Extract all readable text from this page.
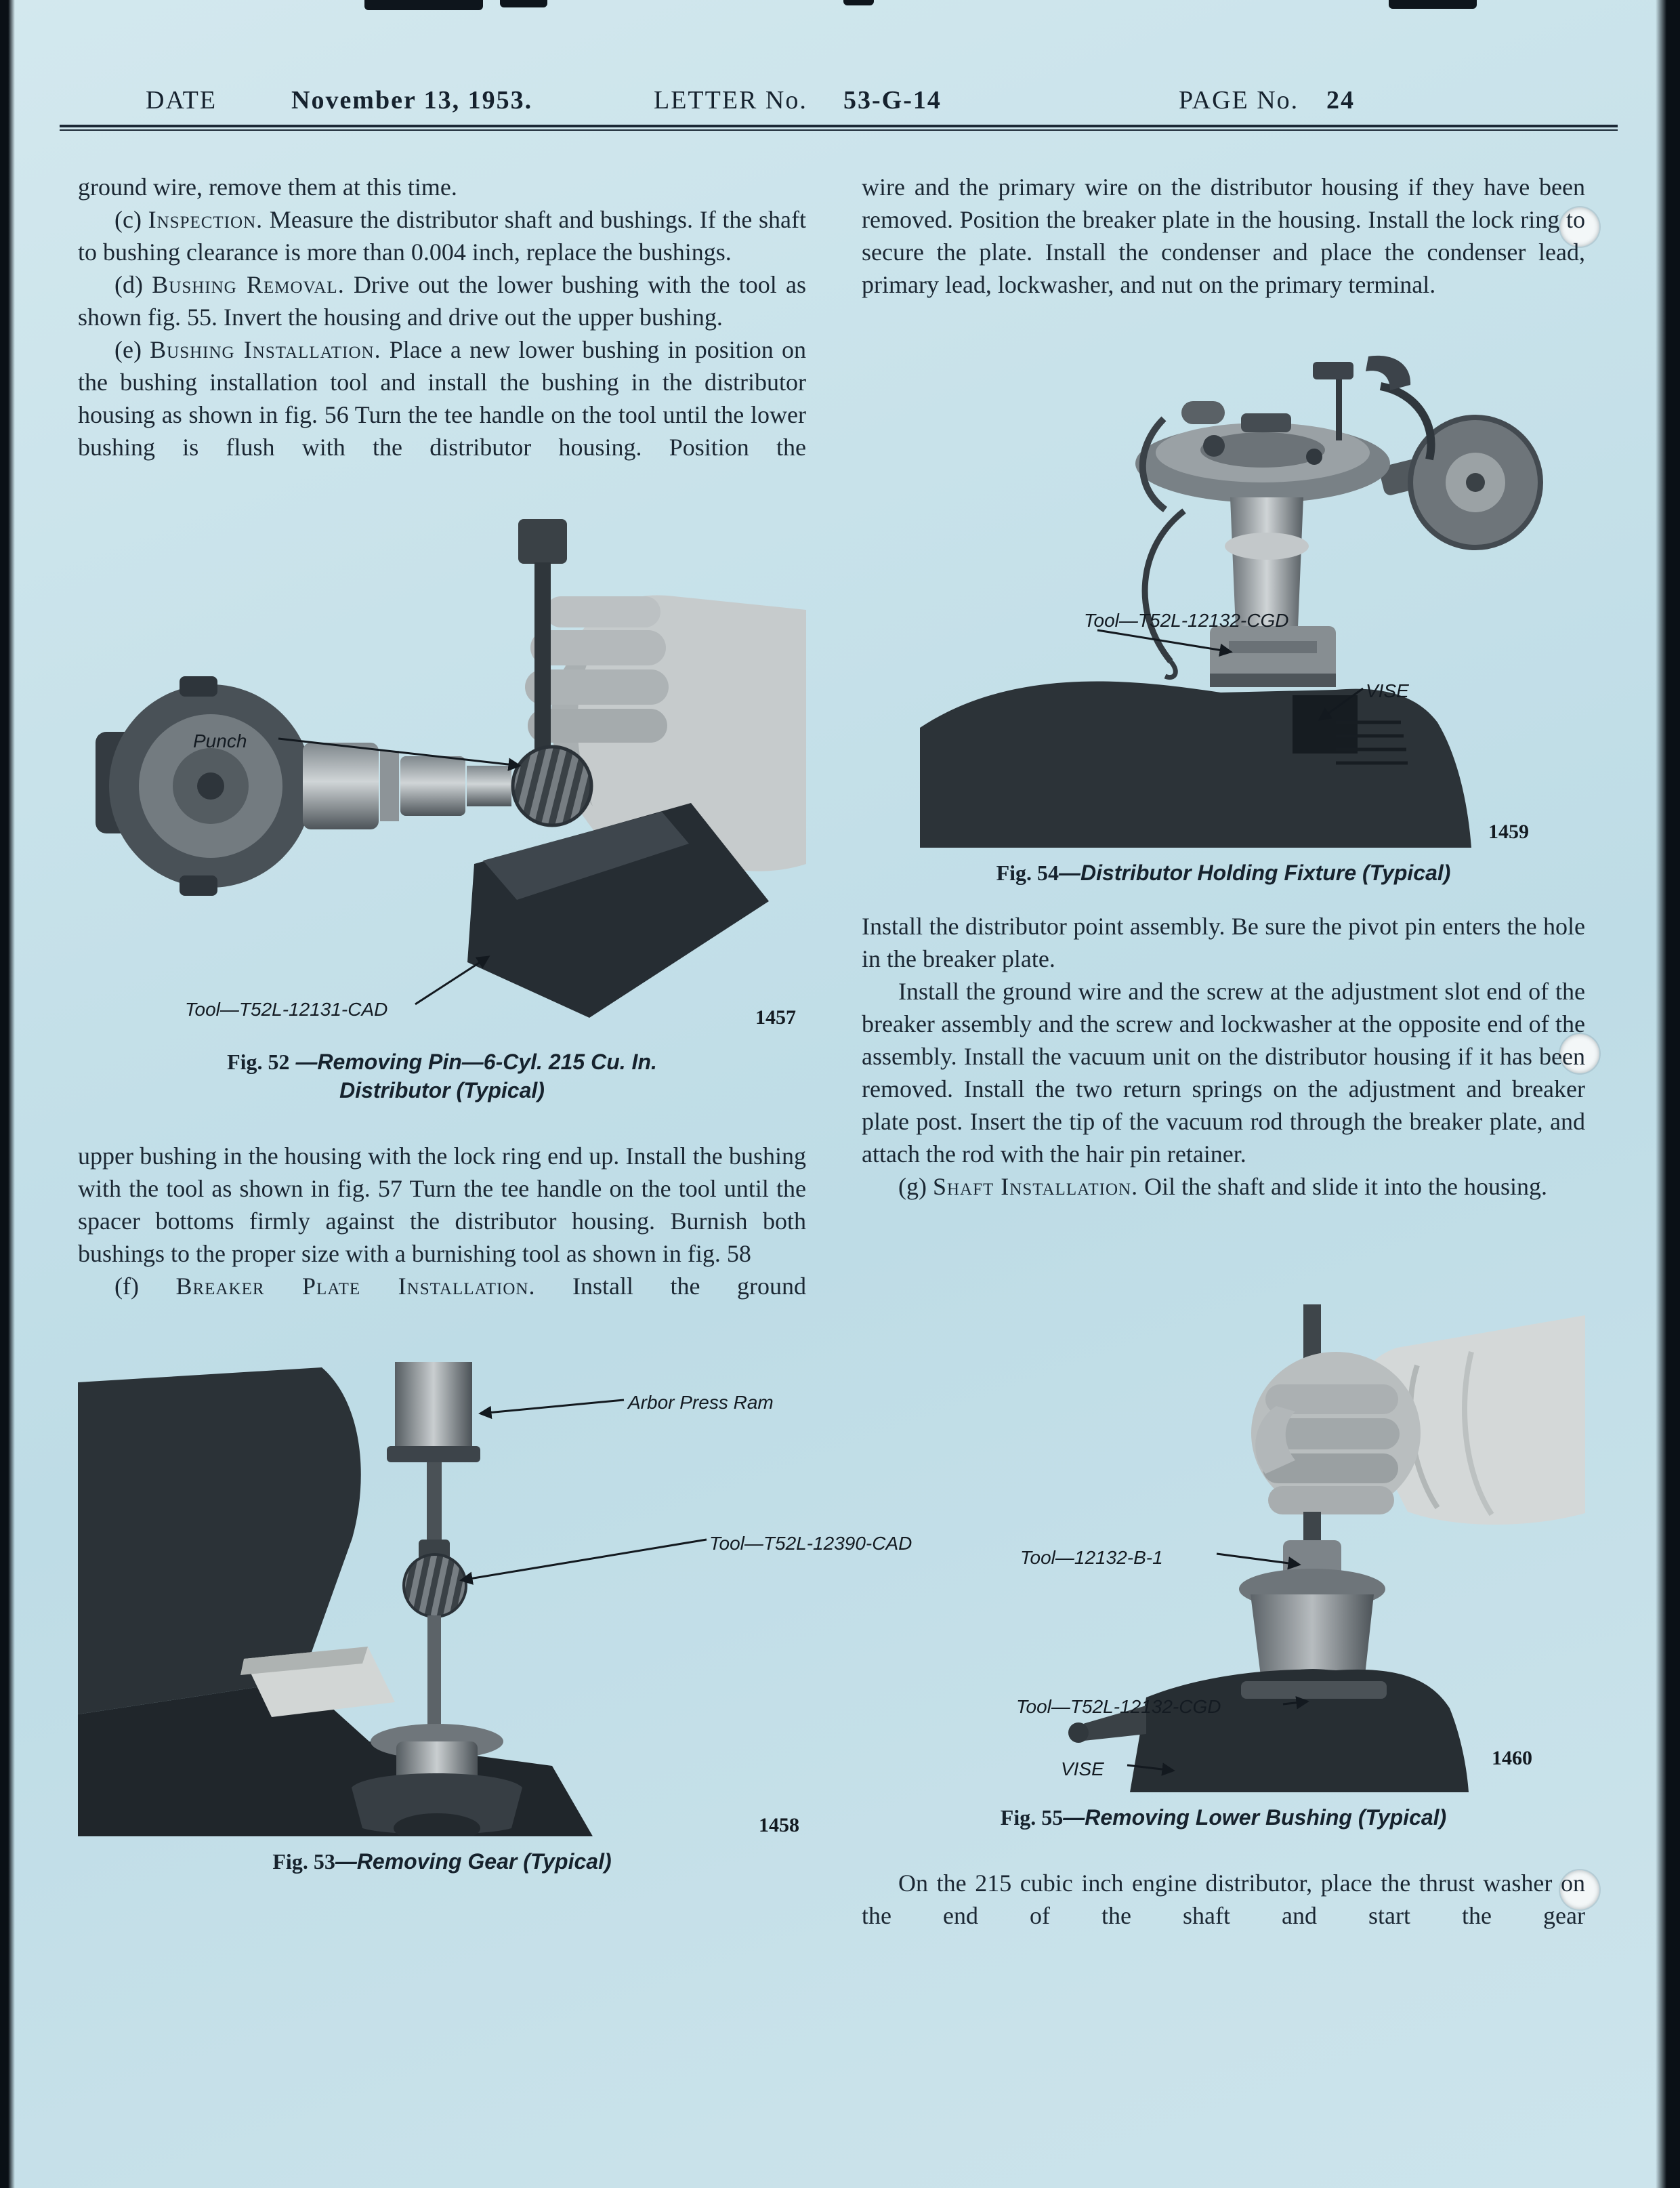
DATE	November 13, 1953.	LETTER No. 53-G-14	PAGE No. 24

ground wire, remove them at this time.

(c) Inspection. Measure the distributor shaft and bushings. If the shaft to bushing clearance is more than 0.004 inch, replace the bushings.

(d) Bushing Removal. Drive out the lower bushing with the tool as shown fig. 55. Invert the housing and drive out the upper bushing.

(e) Bushing Installation. Place a new lower bushing in position on the bushing installation tool and install the bushing in the distributor housing as shown in fig. 56 Turn the tee handle on the tool until the lower bushing is flush with the distributor housing. Position the

Punch
Tool—T52L-12131-CAD	1457
Fig. 52 —Removing Pin—6-Cyl. 215 Cu. In.
Distributor (Typical)

upper bushing in the housing with the lock ring end up. Install the bushing with the tool as shown in fig. 57 Turn the tee handle on the tool until the spacer bottoms firmly against the distributor housing. Burnish both bushings to the proper size with a burnishing tool as shown in fig. 58

(f) Breaker Plate Installation. Install the ground

Arbor Press Ram
Tool—T52L-12390-CAD
1458
Fig. 53—Removing Gear (Typical)

wire and the primary wire on the distributor housing if they have been removed. Position the breaker plate in the housing. Install the lock ring to secure the plate. Install the condenser and place the condenser lead, primary lead, lockwasher, and nut on the primary terminal.

Tool—T52L-12132-CGD
VISE
1459
Fig. 54—Distributor Holding Fixture (Typical)

Install the distributor point assembly. Be sure the pivot pin enters the hole in the breaker plate.

Install the ground wire and the screw at the adjustment slot end of the breaker assembly and the screw and lockwasher at the opposite end of the assembly. Install the vacuum unit on the distributor housing if it has been removed. Install the two return springs on the adjustment and breaker plate post. Insert the tip of the vacuum rod through the breaker plate, and attach the rod with the hair pin retainer.

(g) Shaft Installation. Oil the shaft and slide it into the housing.

Tool—12132-B-1
Tool—T52L-12132-CGD
VISE	1460
Fig. 55—Removing Lower Bushing (Typical)

On the 215 cubic inch engine distributor, place the thrust washer on the end of the shaft and start the gear
